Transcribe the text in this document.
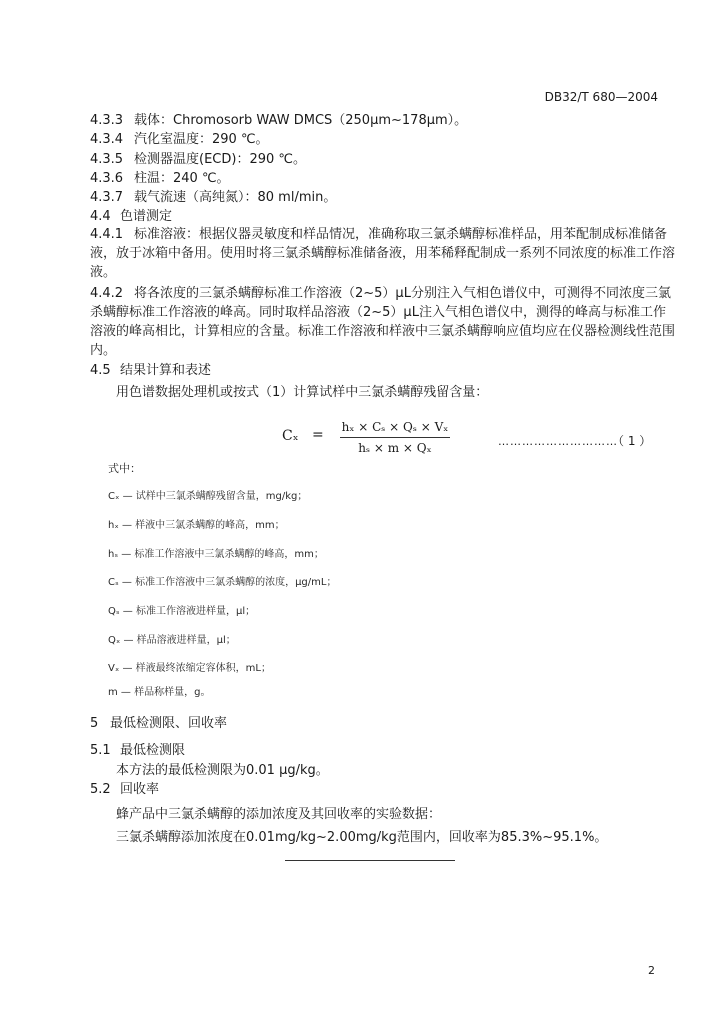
DB32/T 680—2004
4.3.3 载体：Chromosorb WAW DMCS（250μm~178μm）。
4.3.4 汽化室温度：290 ℃。
4.3.5 检测器温度(ECD)：290 ℃。
4.3.6 柱温：240 ℃。
4.3.7 载气流速（高纯氮）：80 ml/min。
4.4 色谱测定
4.4.1 标准溶液：根据仪器灵敏度和样品情况，准确称取三氯杀螨醇标准样品，用苯配制成标准储备
液，放于冰箱中备用。使用时将三氯杀螨醇标准储备液，用苯稀释配制成一系列不同浓度的标准工作溶
液。
4.4.2 将各浓度的三氯杀螨醇标准工作溶液（2~5）μL分别注入气相色谱仪中，可测得不同浓度三氯
杀螨醇标准工作溶液的峰高。同时取样品溶液（2~5）μL注入气相色谱仪中，测得的峰高与标准工作
溶液的峰高相比，计算相应的含量。标准工作溶液和样液中三氯杀螨醇响应值均应在仪器检测线性范围
内。
4.5 结果计算和表述
用色谱数据处理机或按式（1）计算试样中三氯杀螨醇残留含量：
Cₓ = hₓ × Cₛ × Qₛ × Vₓ
hₛ × m × Qₓ	…………………………
（ 1 ）
式中：
Cₓ — 试样中三氯杀螨醇残留含量，mg/kg；
hₓ — 样液中三氯杀螨醇的峰高，mm；
hₛ — 标准工作溶液中三氯杀螨醇的峰高，mm；
Cₛ — 标准工作溶液中三氯杀螨醇的浓度，μg/mL；
Qₛ — 标准工作溶液进样量，μl；
Qₓ — 样品溶液进样量，μl；
Vₓ — 样液最终浓缩定容体积，mL；
m — 样品称样量，g。
5 最低检测限、回收率
5.1 最低检测限
本方法的最低检测限为0.01 μg/kg。
5.2 回收率
蜂产品中三氯杀螨醇的添加浓度及其回收率的实验数据：
三氯杀螨醇添加浓度在0.01mg/kg~2.00mg/kg范围内，回收率为85.3%~95.1%。
2
